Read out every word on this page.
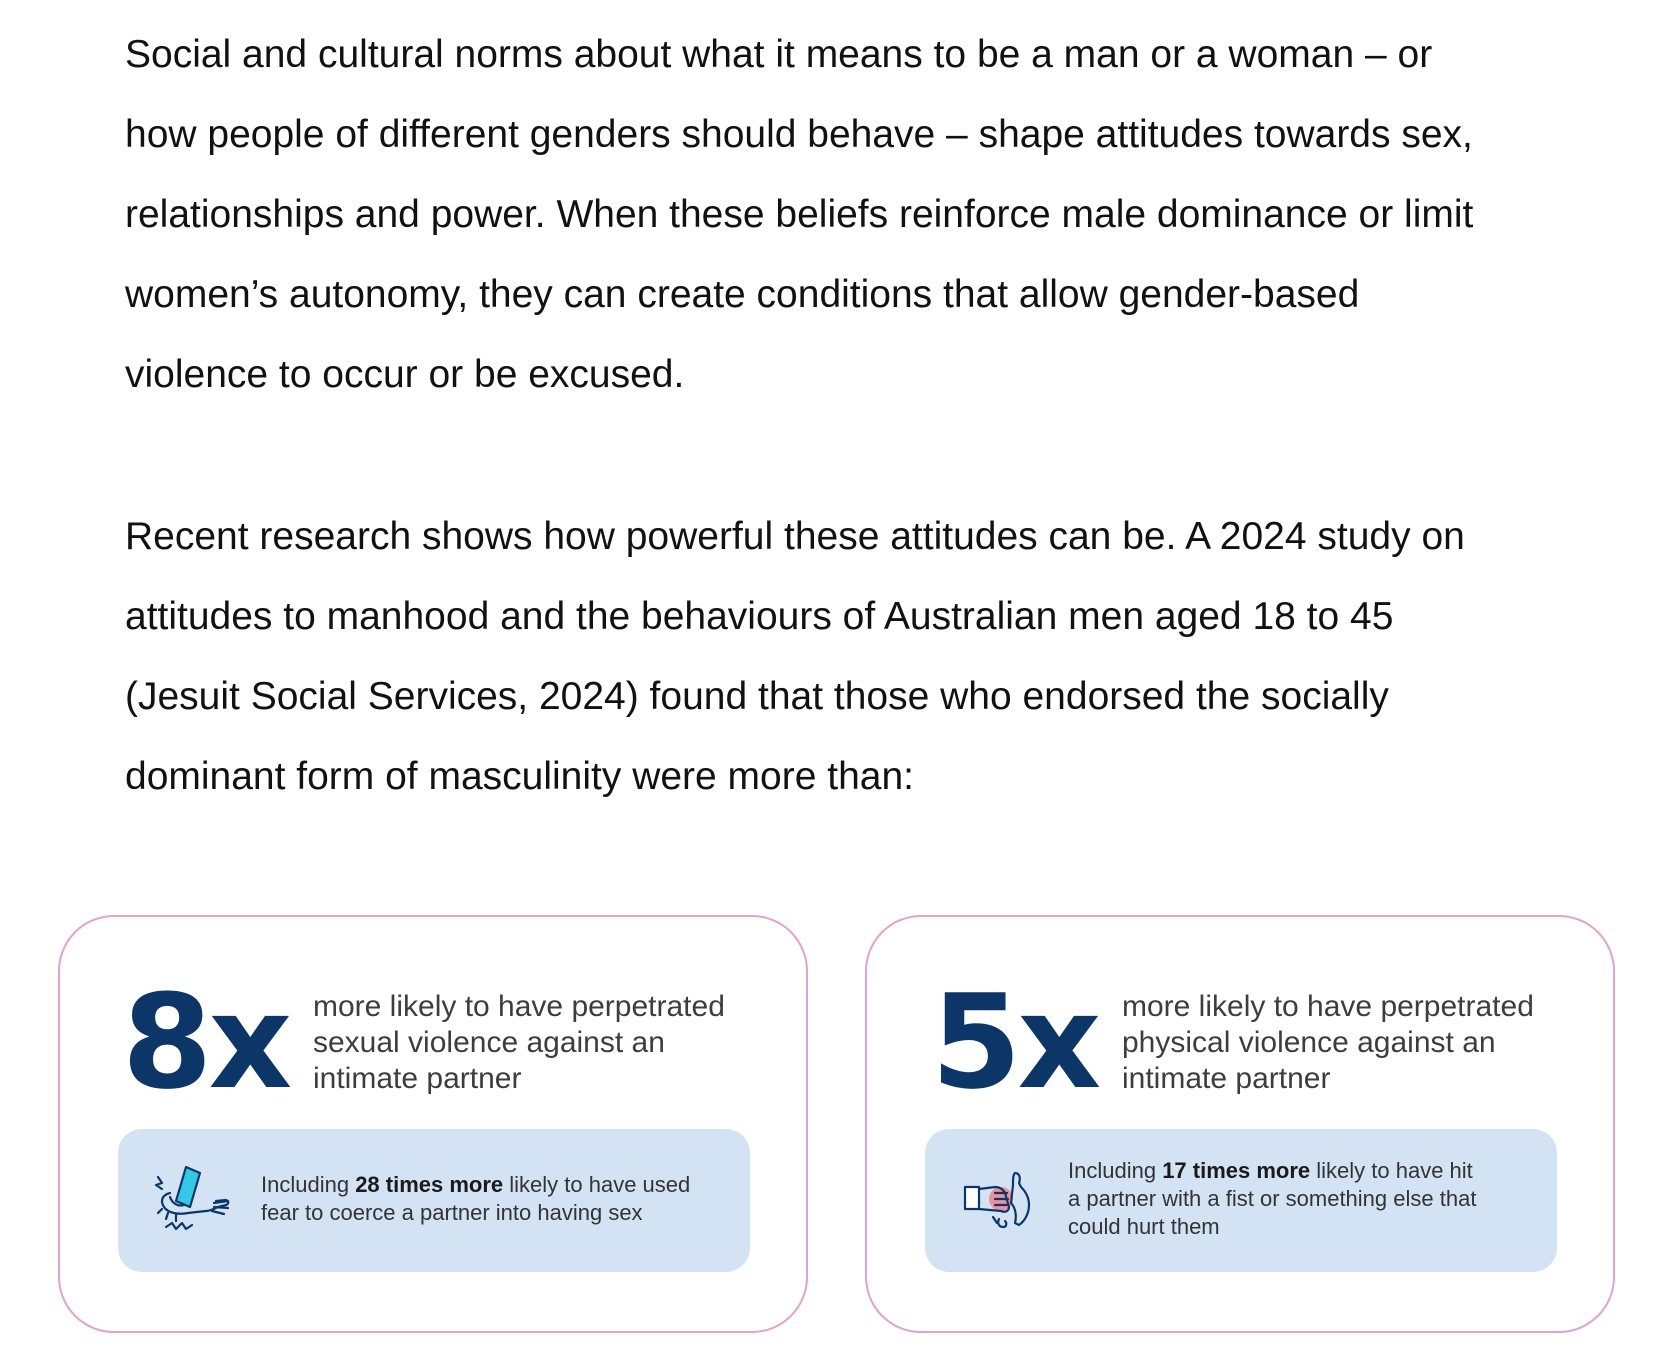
Social and cultural norms about what it means to be a man or a woman – or
how people of different genders should behave – shape attitudes towards sex,
relationships and power. When these beliefs reinforce male dominance or limit
women’s autonomy, they can create conditions that allow gender-based
violence to occur or be excused.
Recent research shows how powerful these attitudes can be. A 2024 study on
attitudes to manhood and the behaviours of Australian men aged 18 to 45
(Jesuit Social Services, 2024) found that those who endorsed the socially
dominant form of masculinity were more than:
8x more likely to have perpetrated
sexual violence against an
intimate partner
Including 28 times more likely to have used
fear to coerce a partner into having sex
5x more likely to have perpetrated
physical violence against an
intimate partner
Including 17 times more likely to have hit
a partner with a fist or something else that
could hurt them
